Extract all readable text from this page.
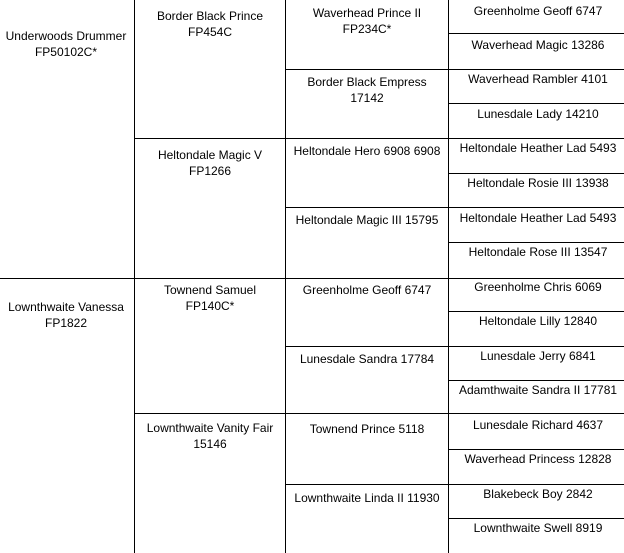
Underwoods Drummer FP50102C*
Lownthwaite Vanessa FP1822
Border Black Prince FP454C
Heltondale Magic V FP1266
Townend Samuel FP140C*
Lownthwaite Vanity Fair 15146
Waverhead Prince II FP234C*
Border Black Empress 17142
Heltondale Hero 6908 6908
Heltondale Magic III 15795
Greenholme Geoff 6747
Lunesdale Sandra 17784
Townend Prince 5118
Lownthwaite Linda II 11930
Greenholme Geoff 6747
Waverhead Magic 13286
Waverhead Rambler 4101
Lunesdale Lady 14210
Heltondale Heather Lad 5493
Heltondale Rosie III 13938
Heltondale Heather Lad 5493
Heltondale Rose III 13547
Greenholme Chris 6069
Heltondale Lilly 12840
Lunesdale Jerry 6841
Adamthwaite Sandra II 17781
Lunesdale Richard 4637
Waverhead Princess 12828
Blakebeck Boy 2842
Lownthwaite Swell 8919
